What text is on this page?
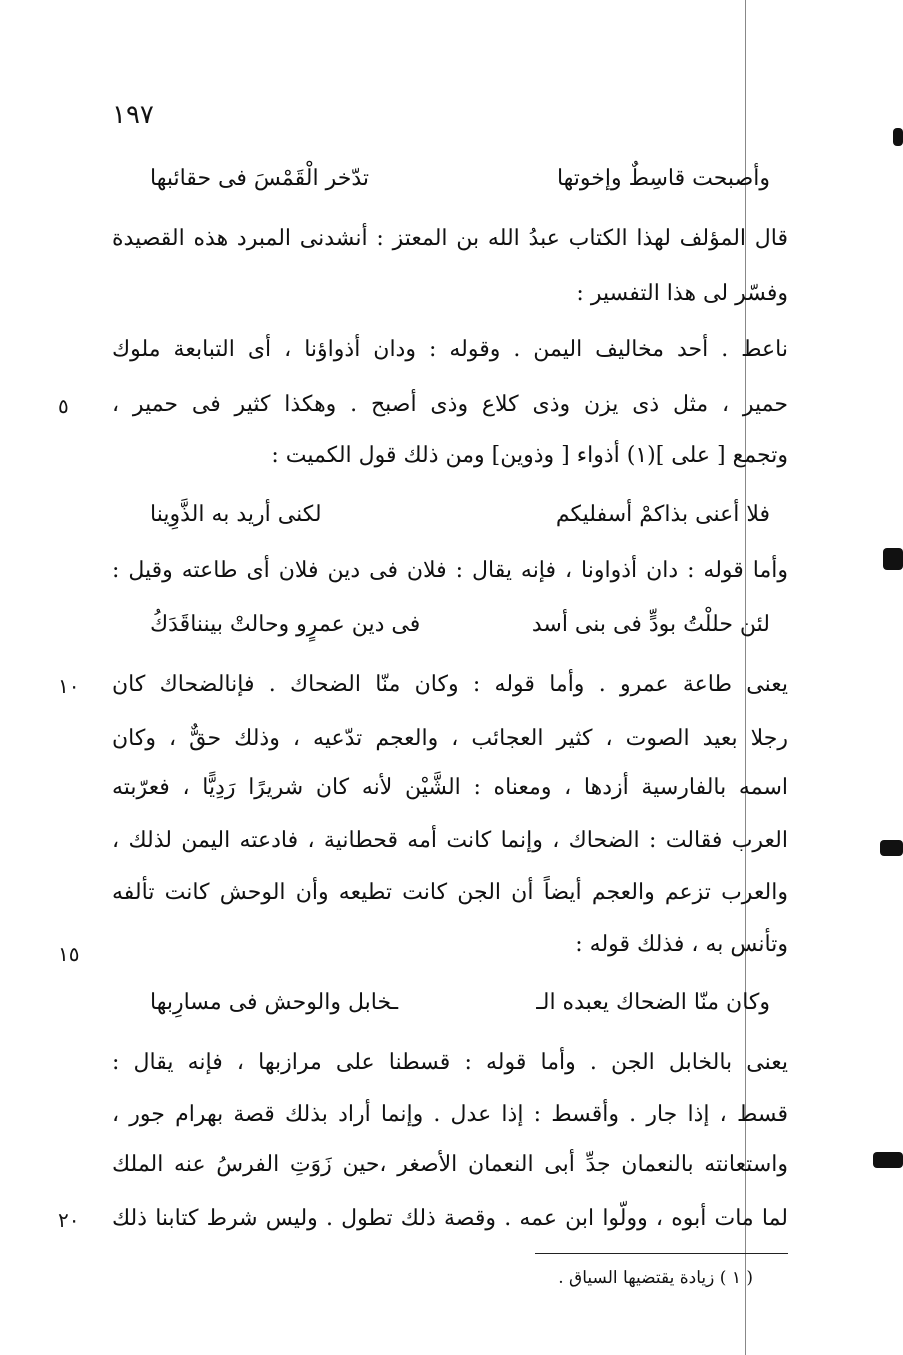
١٩٧
وأصبحت قاسِطٌ وإخوتها
تدّخر الْقَمْسَ فى حقائبها
قال المؤلف لهذا الكتاب عبدُ الله بن المعتز : أنشدنى المبرد هذه القصيدة
وفسّر لى هذا التفسير :
ناعط . أحد مخاليف اليمن . وقوله : ودان أذواؤنا ، أى التبابعة ملوك
حمير ، مثل ذى يزن وذى كلاع وذى أصبح . وهكذا كثير فى حمير ،
وتجمع [ على ](١) أذواء [ وذوين] ومن ذلك قول الكميت :
فلا أعنى بذاكمْ أسفليكم
لكنى أريد به الذَّوِينا
وأما قوله : دان أذواونا ، فإنه يقال : فلان فى دين فلان أى طاعته وقيل :
لئن حللْتُ بودٍّ فى بنى أسد
فى دين عمرٍو وحالتْ بينناقَدَكُ
يعنى طاعة عمرو . وأما قوله : وكان منّا الضحاك . فإنالضحاك كان
رجلا بعيد الصوت ، كثير العجائب ، والعجم تدّعيه ، وذلك حقٌّ ، وكان
اسمه بالفارسية أزدها ، ومعناه : الشَّيْن لأنه كان شريرًا رَدِيًّا ، فعرّبته
العرب فقالت : الضحاك ، وإنما كانت أمه قحطانية ، فادعته اليمن لذلك ،
والعرب تزعم والعجم أيضاً أن الجن كانت تطيعه وأن الوحش كانت تألفه
وتأنس به ، فذلك قوله :
وكان منّا الضحاك يعبده الـ
ـخابل والوحش فى مسارِبها
يعنى بالخابل الجن . وأما قوله : قسطنا على مرازبها ، فإنه يقال :
قسط ، إذا جار . وأقسط : إذا عدل . وإنما أراد بذلك قصة بهرام جور ،
واستعانته بالنعمان جدِّ أبى النعمان الأصغر ،حين زَوَتِ الفرسُ عنه الملك
لما مات أبوه ، وولّوا ابن عمه . وقصة ذلك تطول . وليس شرط كتابنا ذلك
٥
١٠
١٥
٢٠
( ١ ) زيادة يقتضيها السياق .
